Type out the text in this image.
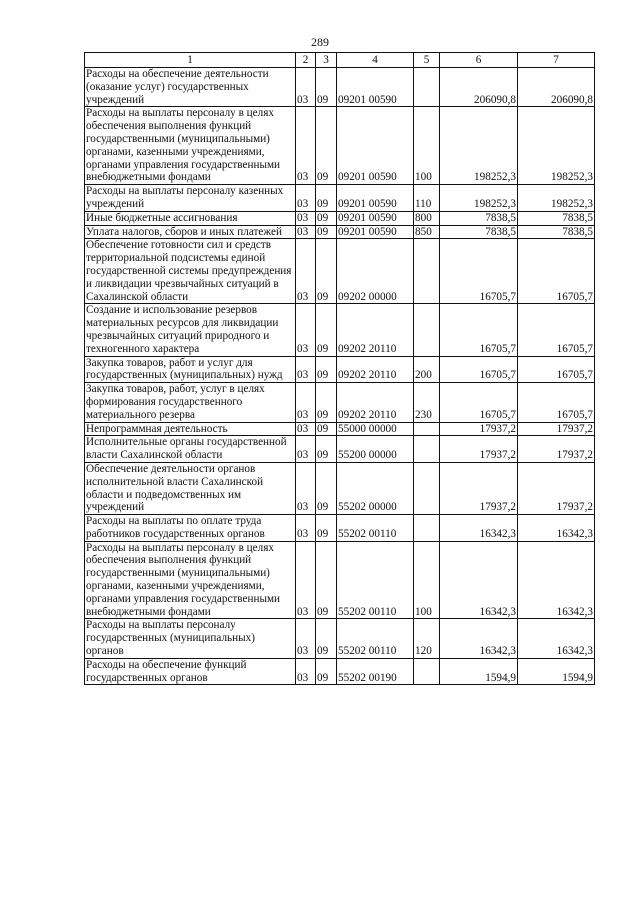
289
1	2	3	4	5	6	7
Расходы на обеспечение деятельности (оказание услуг) государственных учреждений	03	09	09201 00590		206090,8	206090,8
Расходы на выплаты персоналу в целях обеспечения выполнения функций государственными (муниципальными) органами, казенными учреждениями, органами управления государственными внебюджетными фондами	03	09	09201 00590	100	198252,3	198252,3
Расходы на выплаты персоналу казенных учреждений	03	09	09201 00590	110	198252,3	198252,3
Иные бюджетные ассигнования	03	09	09201 00590	800	7838,5	7838,5
Уплата налогов, сборов и иных платежей	03	09	09201 00590	850	7838,5	7838,5
Обеспечение готовности сил и средств территориальной подсистемы единой государственной системы предупреждения и ликвидации чрезвычайных ситуаций в Сахалинской области	03	09	09202 00000		16705,7	16705,7
Создание и использование резервов материальных ресурсов для ликвидации чрезвычайных ситуаций природного и техногенного характера	03	09	09202 20110		16705,7	16705,7
Закупка товаров, работ и услуг для государственных (муниципальных) нужд	03	09	09202 20110	200	16705,7	16705,7
Закупка товаров, работ, услуг в целях формирования государственного материального резерва	03	09	09202 20110	230	16705,7	16705,7
Непрограммная деятельность	03	09	55000 00000		17937,2	17937,2
Исполнительные органы государственной власти Сахалинской области	03	09	55200 00000		17937,2	17937,2
Обеспечение деятельности органов исполнительной власти Сахалинской области и подведомственных им учреждений	03	09	55202 00000		17937,2	17937,2
Расходы на выплаты по оплате труда работников государственных органов	03	09	55202 00110		16342,3	16342,3
Расходы на выплаты персоналу в целях обеспечения выполнения функций государственными (муниципальными) органами, казенными учреждениями, органами управления государственными внебюджетными фондами	03	09	55202 00110	100	16342,3	16342,3
Расходы на выплаты персоналу государственных (муниципальных) органов	03	09	55202 00110	120	16342,3	16342,3
Расходы на обеспечение функций государственных органов	03	09	55202 00190		1594,9	1594,9
